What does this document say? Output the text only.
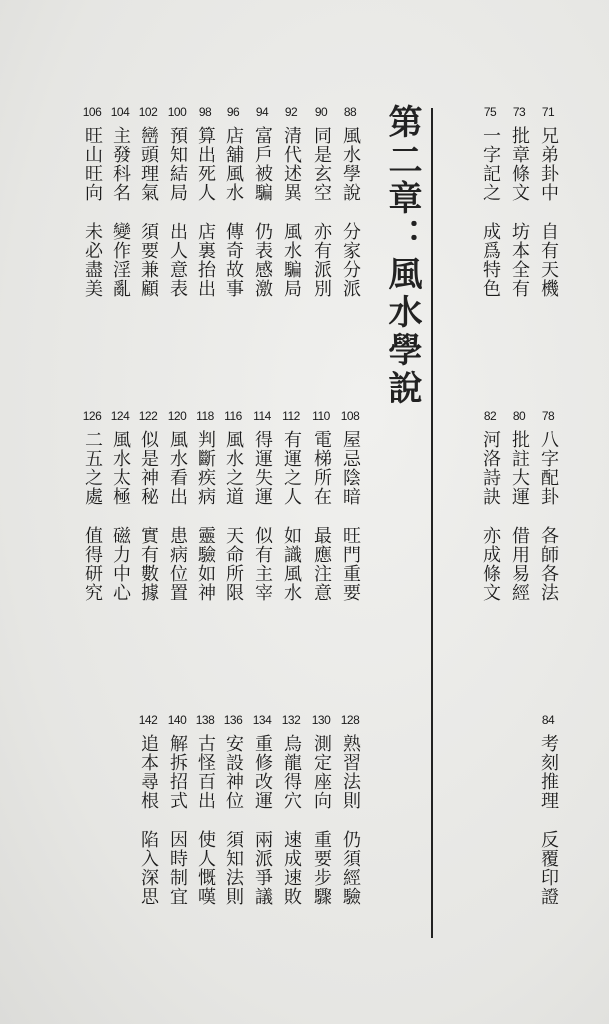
71
兄弟卦中
自有天機
73
批章條文
坊本全有
75
一字記之
成爲特色
78
八字配卦
各師各法
80
批註大運
借用易經
82
河洛詩訣
亦成條文
84
考刻推理
反覆印證
88
風水學說
分家分派
90
同是玄空
亦有派別
92
清代述異
風水騙局
94
富戶被騙
仍表感激
96
店舖風水
傳奇故事
98
算出死人
店裏抬出
100
預知結局
出人意表
102
巒頭理氣
須要兼顧
104
主發科名
變作淫亂
106
旺山旺向
未必盡美
108
屋忌陰暗
旺門重要
110
電梯所在
最應注意
112
有運之人
如識風水
114
得運失運
似有主宰
116
風水之道
天命所限
118
判斷疾病
靈驗如神
120
風水看出
患病位置
122
似是神秘
實有數據
124
風水太極
磁力中心
126
二五之處
值得研究
128
熟習法則
仍須經驗
130
測定座向
重要步驟
132
烏龍得穴
速成速敗
134
重修改運
兩派爭議
136
安設神位
須知法則
138
古怪百出
使人慨嘆
140
解拆招式
因時制宜
142
追本尋根
陷入深思
第二章：風水學說
